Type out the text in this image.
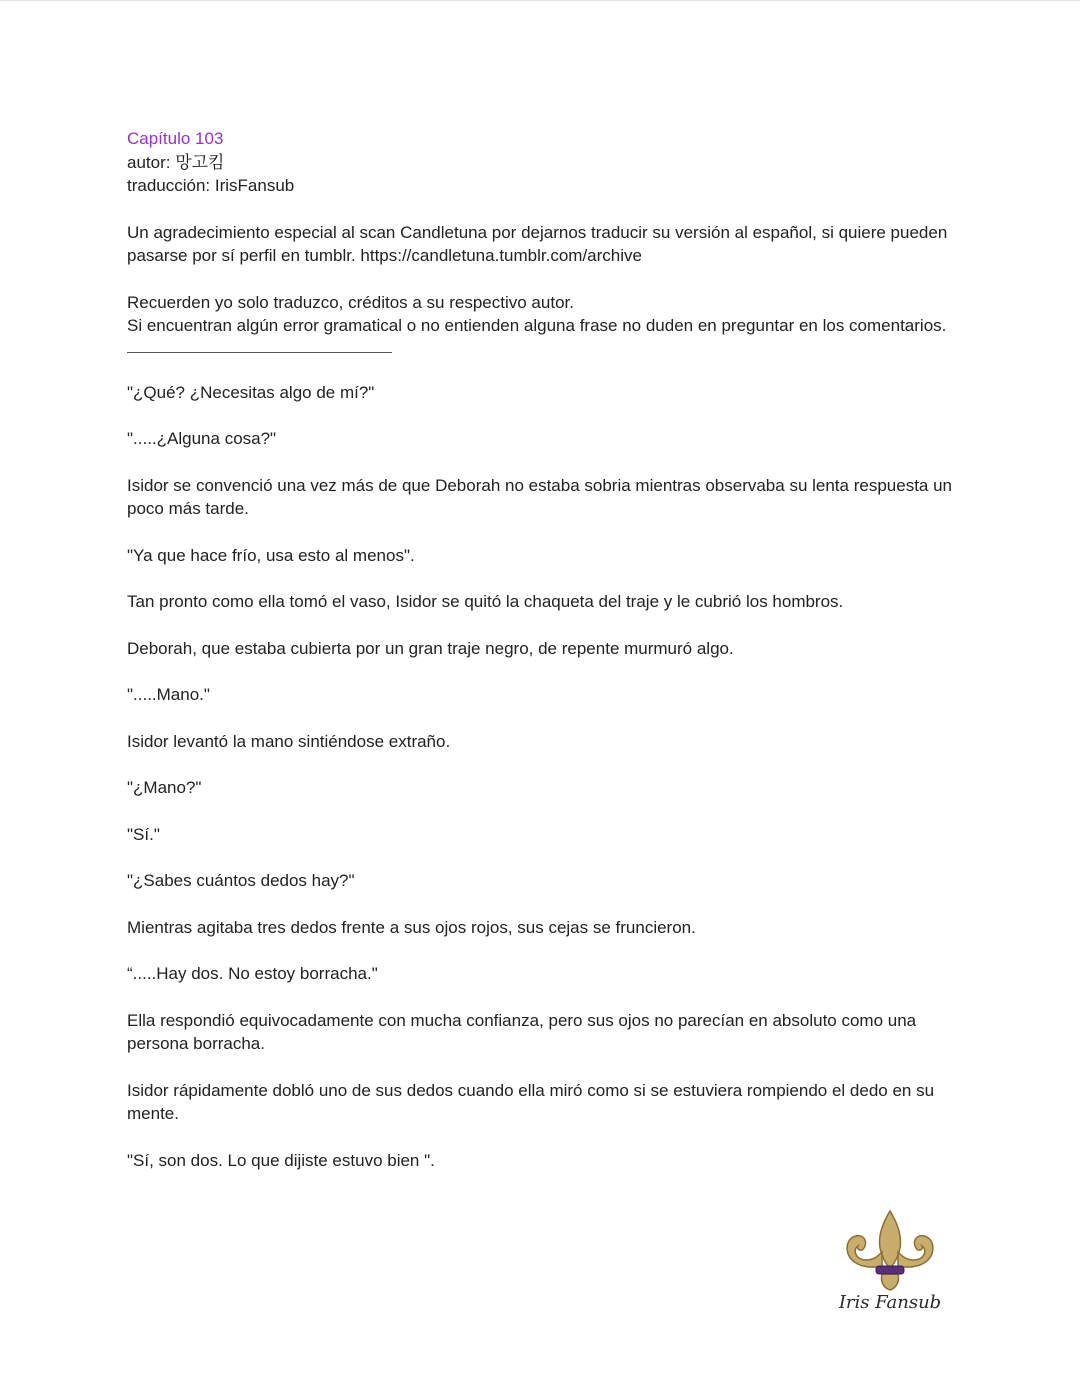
Capítulo 103
autor: 망고킴
traducción: IrisFansub
Un agradecimiento especial al scan Candletuna por dejarnos traducir su versión al español, si quiere pueden pasarse por sí perfil en tumblr. https://candletuna.tumblr.com/archive
Recuerden yo solo traduzco, créditos a su respectivo autor.
Si encuentran algún error gramatical o no entienden alguna frase no duden en preguntar en los comentarios.
"¿Qué? ¿Necesitas algo de mí?"
".....¿Alguna cosa?"
Isidor se convenció una vez más de que Deborah no estaba sobria mientras observaba su lenta respuesta un poco más tarde.
"Ya que hace frío, usa esto al menos".
Tan pronto como ella tomó el vaso, Isidor se quitó la chaqueta del traje y le cubrió los hombros.
Deborah, que estaba cubierta por un gran traje negro, de repente murmuró algo.
".....Mano."
Isidor levantó la mano sintiéndose extraño.
"¿Mano?"
"Sí."
"¿Sabes cuántos dedos hay?"
Mientras agitaba tres dedos frente a sus ojos rojos, sus cejas se fruncieron.
“.....Hay dos. No estoy borracha."
Ella respondió equivocadamente con mucha confianza, pero sus ojos no parecían en absoluto como una persona borracha.
Isidor rápidamente dobló uno de sus dedos cuando ella miró como si se estuviera rompiendo el dedo en su mente.
"Sí, son dos. Lo que dijiste estuvo bien ".
Iris Fansub
